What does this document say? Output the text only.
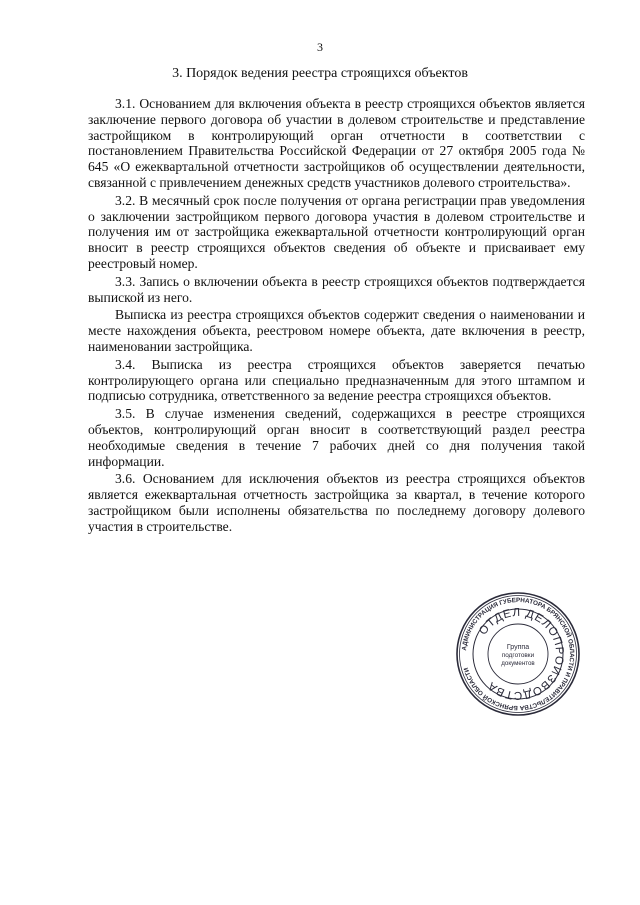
3
3. Порядок ведения реестра строящихся объектов

3.1. Основанием для включения объекта в реестр строящихся объектов является заключение первого договора об участии в долевом строительстве и представление застройщиком в контролирующий орган отчетности в соответствии с постановлением Правительства Российской Федерации от 27 октября 2005 года № 645 «О ежеквартальной отчетности застройщиков об осуществлении деятельности, связанной с привлечением денежных средств участников долевого строительства».

3.2. В месячный срок после получения от органа регистрации прав уведомления о заключении застройщиком первого договора участия в долевом строительстве и получения им от застройщика ежеквартальной отчетности контролирующий орган вносит в реестр строящихся объектов сведения об объекте и присваивает ему реестровый номер.

3.3. Запись о включении объекта в реестр строящихся объектов подтверждается выпиской из него.

Выписка из реестра строящихся объектов содержит сведения о наименовании и месте нахождения объекта, реестровом номере объекта, дате включения в реестр, наименовании застройщика.

3.4. Выписка из реестра строящихся объектов заверяется печатью контролирующего органа или специально предназначенным для этого штампом и подписью сотрудника, ответственного за ведение реестра строящихся объектов.

3.5. В случае изменения сведений, содержащихся в реестре строящихся объектов, контролирующий орган вносит в соответствующий раздел реестра необходимые сведения в течение 7 рабочих дней со дня получения такой информации.

3.6. Основанием для исключения объектов из реестра строящихся объектов является ежеквартальная отчетность застройщика за квартал, в течение которого застройщиком были исполнены обязательства по последнему договору долевого участия в строительстве.

АДМИНИСТРАЦИЯ ГУБЕРНАТОРА БРЯНСКОЙ ОБЛАСТИ И ПРАВИТЕЛЬСТВА БРЯНСКОЙ ОБЛАСТИ
ОТДЕЛ ДЕЛОПРОИЗВОДСТВА
Группа
подготовки
документов
